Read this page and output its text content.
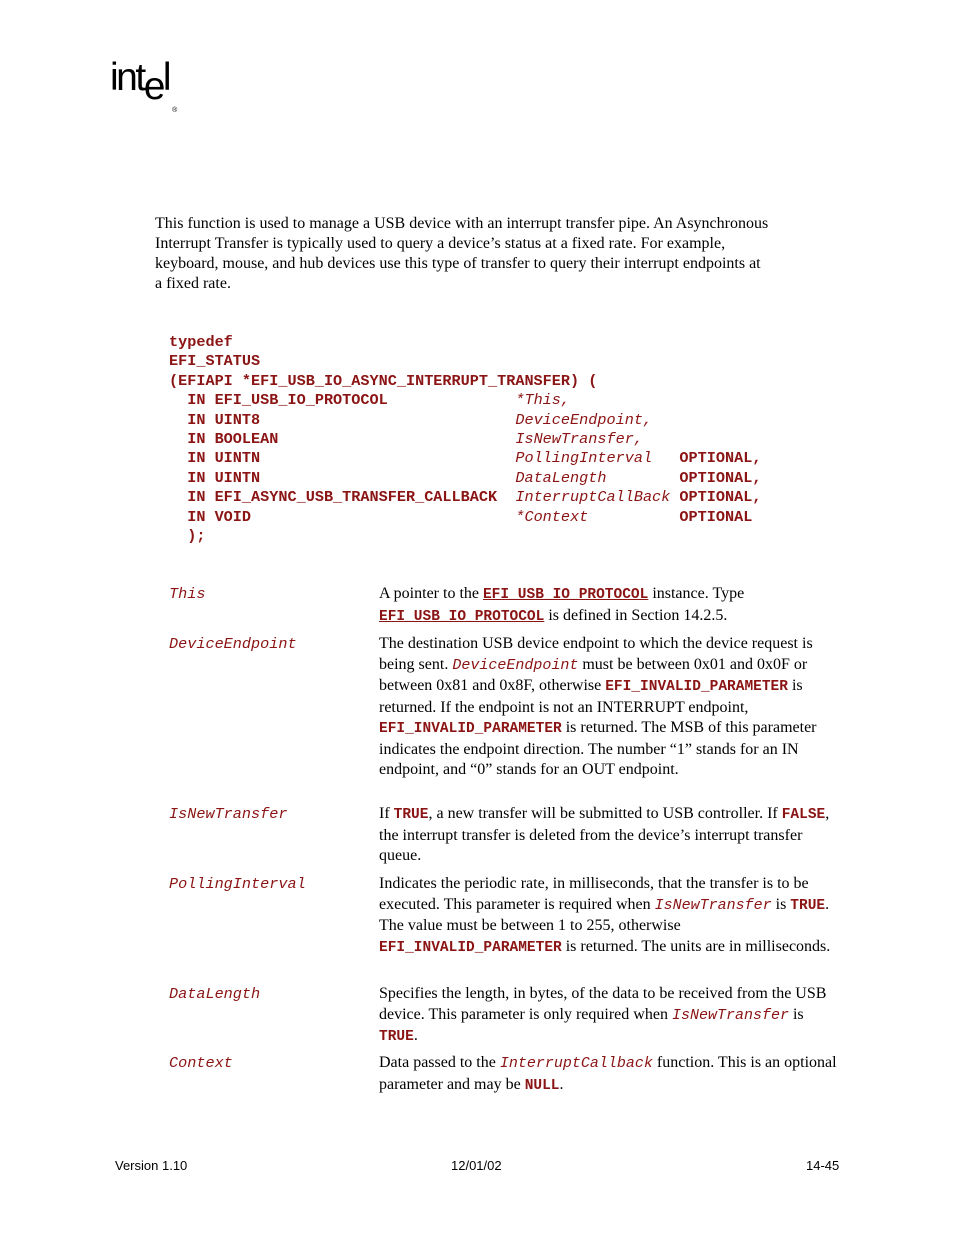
intel$_®$

This function is used to manage a USB device with an interrupt transfer pipe. An Asynchronous
Interrupt Transfer is typically used to query a device’s status at a fixed rate. For example,
keyboard, mouse, and hub devices use this type of transfer to query their interrupt endpoints at
a fixed rate.

typedef
EFI_STATUS
(EFIAPI *EFI_USB_IO_ASYNC_INTERRUPT_TRANSFER) (
IN EFI_USB_IO_PROTOCOL              *This,
IN UINT8                            DeviceEndpoint,
IN BOOLEAN                          IsNewTransfer,
IN UINTN                            PollingInterval   OPTIONAL,
IN UINTN                            DataLength        OPTIONAL,
IN EFI_ASYNC_USB_TRANSFER_CALLBACK  InterruptCallBack OPTIONAL,
IN VOID                             *Context          OPTIONAL
);
This	A pointer to the EFI_USB_IO_PROTOCOL instance. Type
EFI_USB_IO_PROTOCOL is defined in Section 14.2.5.

DeviceEndpoint	The destination USB device endpoint to which the device request is being sent. DeviceEndpoint must be between 0x01 and 0x0F or between 0x81 and 0x8F, otherwise EFI_INVALID_PARAMETER is returned. If the endpoint is not an INTERRUPT endpoint, EFI_INVALID_PARAMETER is returned. The MSB of this parameter indicates the endpoint direction. The number “1” stands for an IN endpoint, and “0” stands for an OUT endpoint.

IsNewTransfer	If TRUE, a new transfer will be submitted to USB controller. If FALSE, the interrupt transfer is deleted from the device’s interrupt transfer queue.

PollingInterval	Indicates the periodic rate, in milliseconds, that the transfer is to be executed. This parameter is required when IsNewTransfer is TRUE. The value must be between 1 to 255, otherwise EFI_INVALID_PARAMETER is returned. The units are in milliseconds.

DataLength	Specifies the length, in bytes, of the data to be received from the USB device. This parameter is only required when IsNewTransfer is TRUE.

Context	Data passed to the InterruptCallback function. This is an optional parameter and may be NULL.

Version 1.10	12/01/02	14-45
